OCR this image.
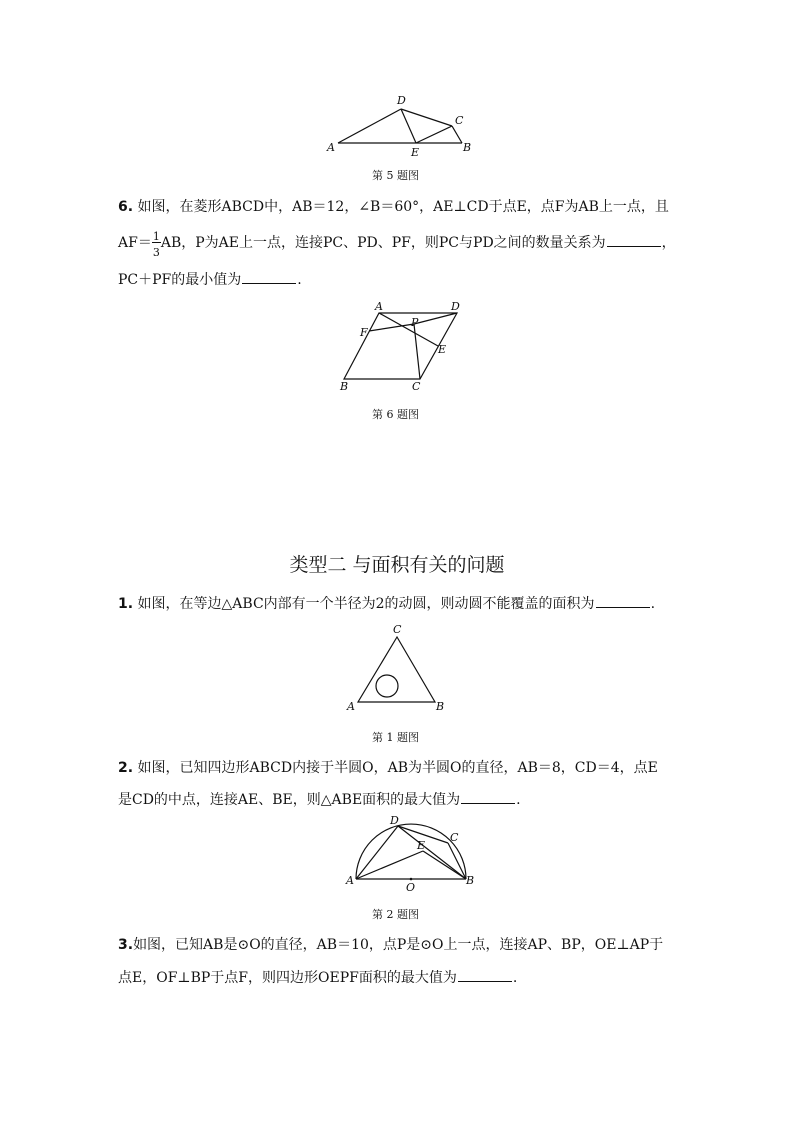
A
D
C
E	B
第 5 题图
6. 如图，在菱形ABCD中，AB＝12，∠B＝60°，AE⊥CD于点E，点F为AB上一点，且
$AF= \frac{1}{3}$ AB，P为AE上一点，连接PC、PD、PF，则PC与PD之间的数量关系为	，
PC＋PF的最小值为	.
A	D
F
P
E
B	C
第 6 题图
类型二 与面积有关的问题
1. 如图，在等边△ABC内部有一个半径为2的动圆，则动圆不能覆盖的面积为	.
C
A	B
第 1 题图
2. 如图，已知四边形ABCD内接于半圆O，AB为半圆O的直径，AB＝8，CD＝4，点E
是CD的中点，连接AE、BE，则△ABE面积的最大值为	.
D
C
E
A
O
B
第 2 题图
3.如图，已知AB是⊙O的直径，AB＝10，点P是⊙O上一点，连接AP、BP，OE⊥AP于
点E，OF⊥BP于点F，则四边形OEPF面积的最大值为	.
